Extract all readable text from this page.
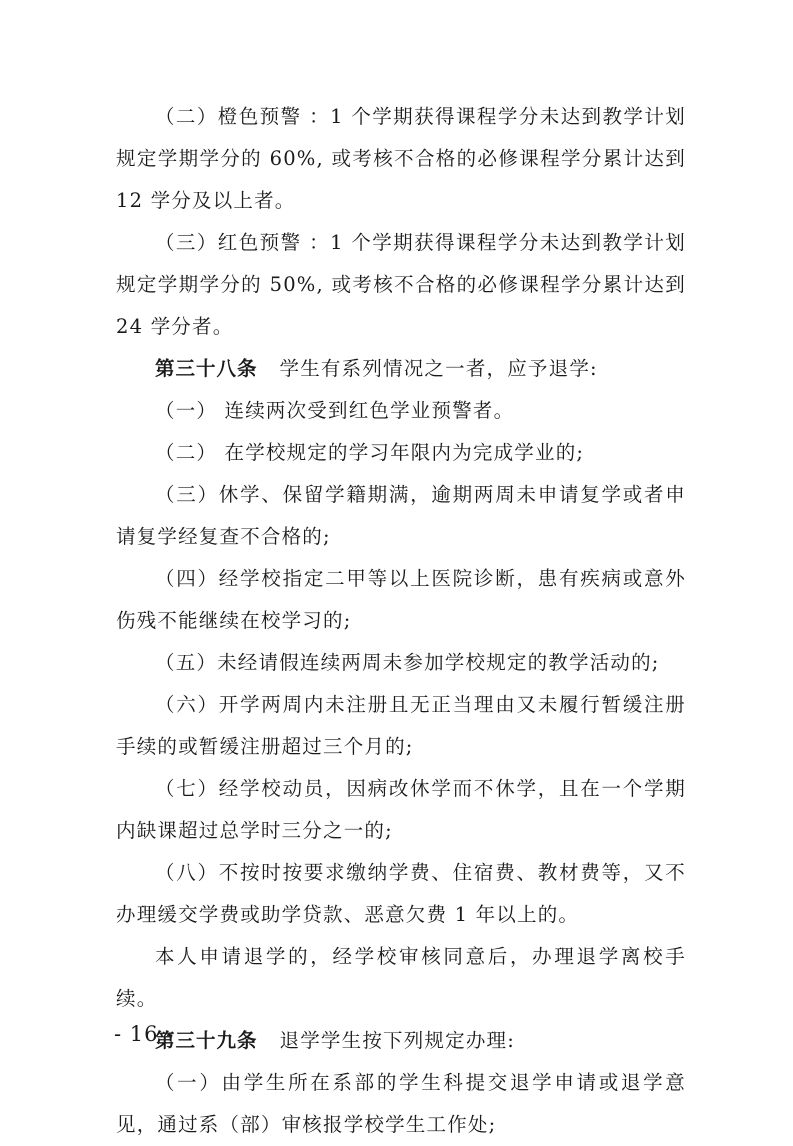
（二）橙色预警 ：1 个学期获得课程学分未达到教学计划规定学期学分的 60%, 或考核不合格的必修课程学分累计达到 12 学分及以上者。

（三）红色预警 ：1 个学期获得课程学分未达到教学计划规定学期学分的 50%, 或考核不合格的必修课程学分累计达到 24 学分者。

第三十八条 学生有系列情况之一者，应予退学:

（一） 连续两次受到红色学业预警者。

（二） 在学校规定的学习年限内为完成学业的;

（三）休学、保留学籍期满，逾期两周未申请复学或者申请复学经复查不合格的;

（四）经学校指定二甲等以上医院诊断，患有疾病或意外伤残不能继续在校学习的;

（五）未经请假连续两周未参加学校规定的教学活动的;

（六）开学两周内未注册且无正当理由又未履行暂缓注册手续的或暂缓注册超过三个月的;

（七）经学校动员，因病改休学而不休学，且在一个学期内缺课超过总学时三分之一的;

（八）不按时按要求缴纳学费、住宿费、教材费等，又不办理缓交学费或助学贷款、恶意欠费 1 年以上的。

本人申请退学的，经学校审核同意后，办理退学离校手续。

第三十九条 退学学生按下列规定办理:

（一）由学生所在系部的学生科提交退学申请或退学意见，通过系（部）审核报学校学生工作处;

- 16 -
